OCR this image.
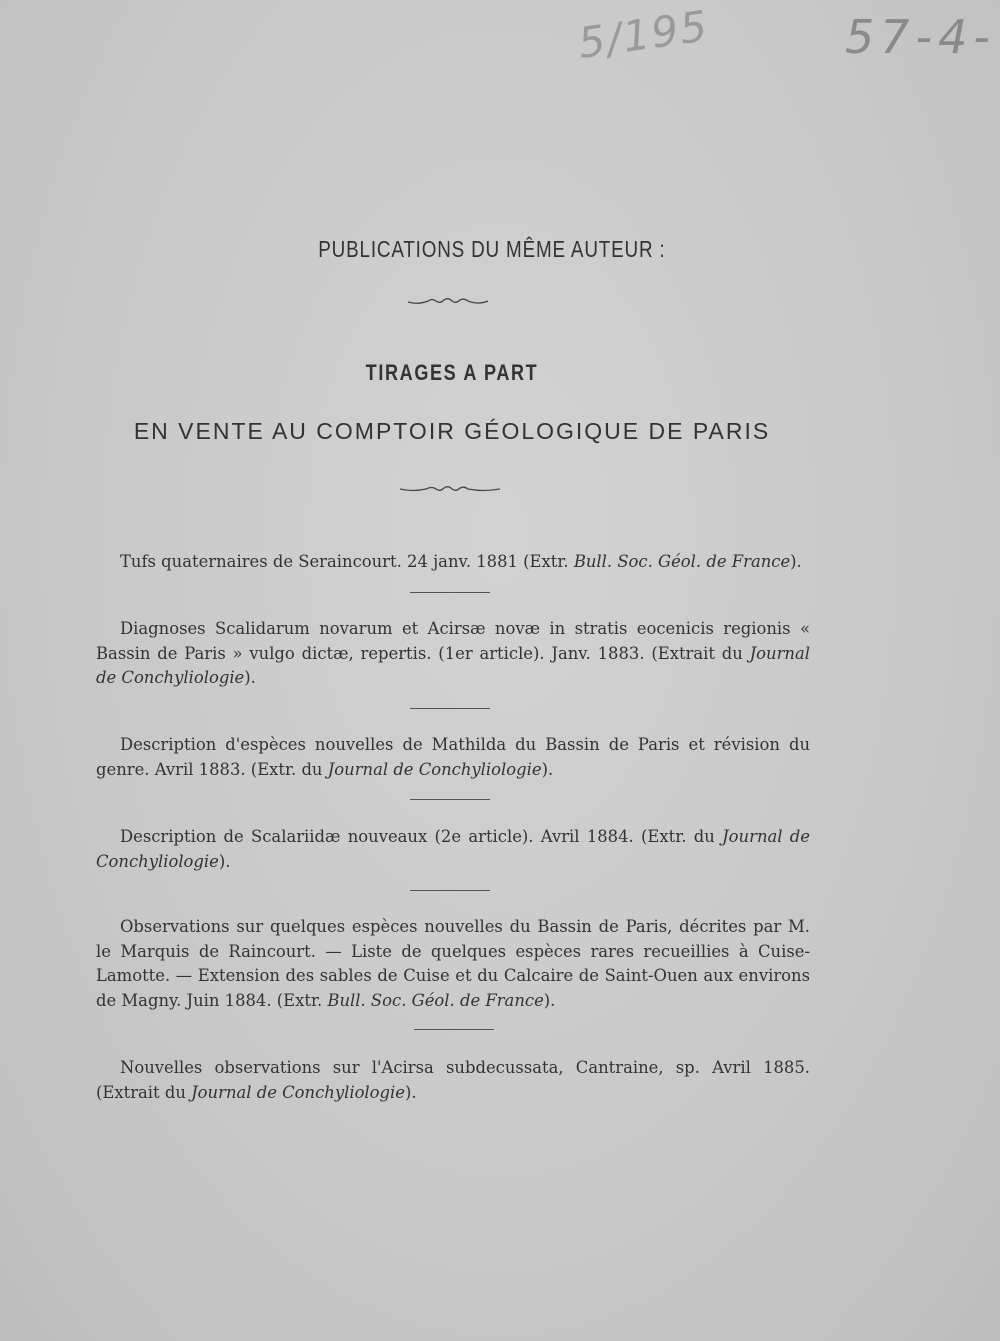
5/195	57-4-
PUBLICATIONS DU MÊME AUTEUR :
TIRAGES A PART
EN VENTE AU COMPTOIR GÉOLOGIQUE DE PARIS

Tufs quaternaires de Seraincourt. 24 janv. 1881 (Extr. Bull. Soc. Géol. de France).

Diagnoses Scalidarum novarum et Acirsæ novæ in stratis eocenicis regionis « Bassin de Paris » vulgo dictæ, repertis. (1er article). Janv. 1883. (Extrait du Journal de Conchyliologie).

Description d'espèces nouvelles de Mathilda du Bassin de Paris et révision du genre. Avril 1883. (Extr. du Journal de Conchyliologie).

Description de Scalariidæ nouveaux (2e article). Avril 1884. (Extr. du Journal de Conchyliologie).

Observations sur quelques espèces nouvelles du Bassin de Paris, décrites par M. le Marquis de Raincourt. — Liste de quelques espèces rares recueillies à Cuise-Lamotte. — Extension des sables de Cuise et du Calcaire de Saint-Ouen aux environs de Magny. Juin 1884. (Extr. Bull. Soc. Géol. de France).

Nouvelles observations sur l'Acirsa subdecussata, Cantraine, sp. Avril 1885. (Extrait du Journal de Conchyliologie).
